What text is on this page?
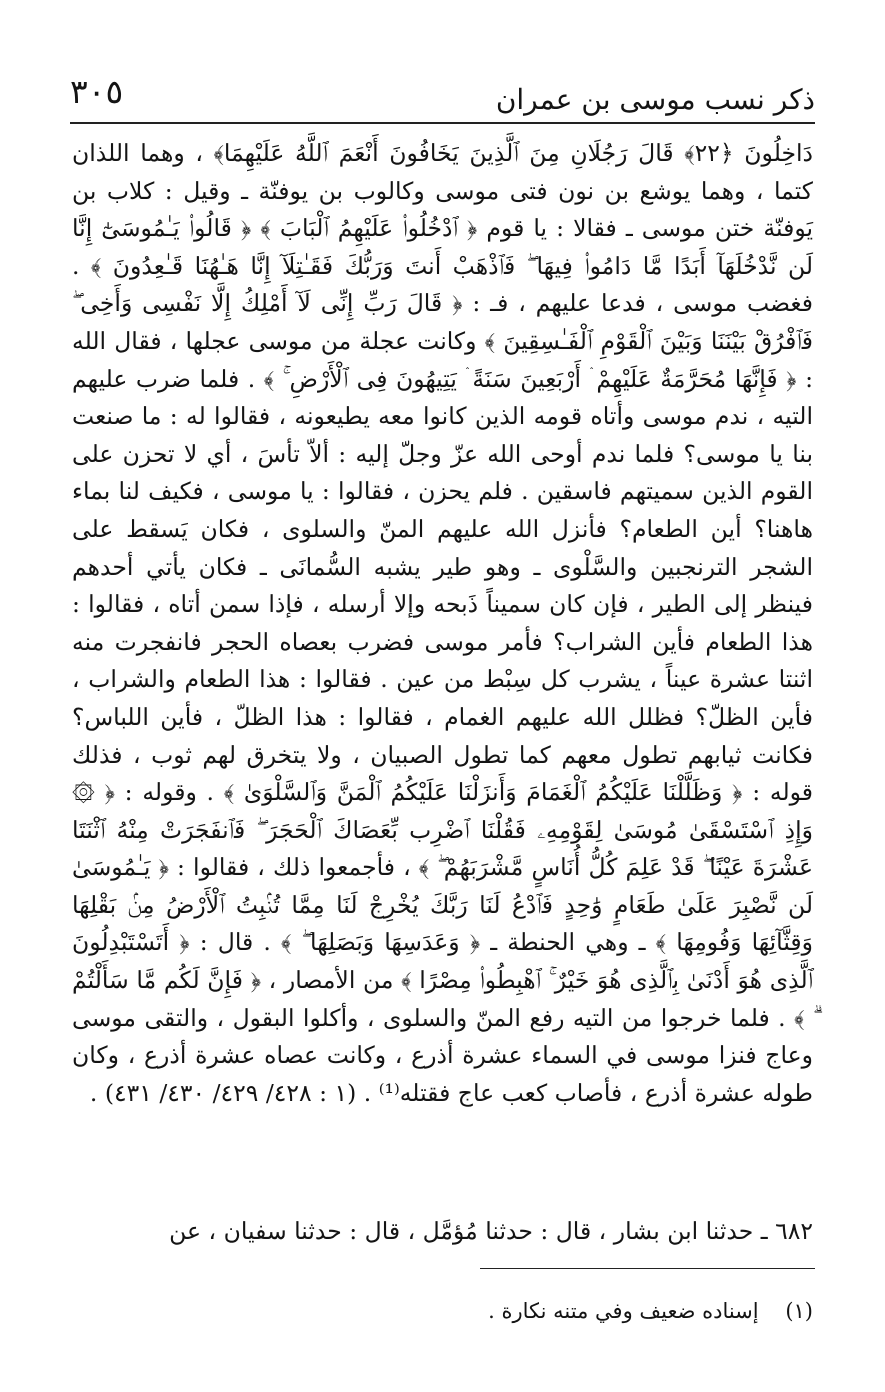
٣٠٥	ذكر نسب موسى بن عمران

دَاخِلُونَ ﴿٢٢﴾ قَالَ رَجُلَانِ مِنَ ٱلَّذِينَ يَخَافُونَ أَنْعَمَ ٱللَّهُ عَلَيْهِمَا﴾ ، وهما اللذان كتما ، وهما يوشع بن نون فتى موسى وكالوب بن يوفنّة ـ وقيل : كلاب بن يَوفنّة ختن موسى ـ فقالا : يا قوم ﴿ ٱدْخُلُوا۟ عَلَيْهِمُ ٱلْبَابَ ﴾ ﴿ قَالُوا۟ يَـٰمُوسَىٰٓ إِنَّا لَن نَّدْخُلَهَآ أَبَدًا مَّا دَامُوا۟ فِيهَا ۖ فَٱذْهَبْ أَنتَ وَرَبُّكَ فَقَـٰتِلَآ إِنَّا هَـٰهُنَا قَـٰعِدُونَ ﴾ . فغضب موسى ، فدعا عليهم ، فـ : ﴿ قَالَ رَبِّ إِنِّى لَآ أَمْلِكُ إِلَّا نَفْسِى وَأَخِى ۖ فَٱفْرُقْ بَيْنَنَا وَبَيْنَ ٱلْقَوْمِ ٱلْفَـٰسِقِينَ ﴾ وكانت عجلة من موسى عجلها ، فقال الله : ﴿ فَإِنَّهَا مُحَرَّمَةٌ عَلَيْهِمْ ۛ أَرْبَعِينَ سَنَةً ۛ يَتِيهُونَ فِى ٱلْأَرْضِ ۚ ﴾ . فلما ضرب عليهم التيه ، ندم موسى وأتاه قومه الذين كانوا معه يطيعونه ، فقالوا له : ما صنعت بنا يا موسى؟ فلما ندم أوحى الله عزّ وجلّ إليه : ألاّ تأسَ ، أي لا تحزن على القوم الذين سميتهم فاسقين . فلم يحزن ، فقالوا : يا موسى ، فكيف لنا بماء هاهنا؟ أين الطعام؟ فأنزل الله عليهم المنّ والسلوى ، فكان يَسقط على الشجر الترنجبين والسَّلْوى ـ وهو طير يشبه السُّمانَى ـ فكان يأتي أحدهم فينظر إلى الطير ، فإن كان سميناً ذَبحه وإلا أرسله ، فإذا سمن أتاه ، فقالوا : هذا الطعام فأين الشراب؟ فأمر موسى فضرب بعصاه الحجر فانفجرت منه اثنتا عشرة عيناً ، يشرب كل سِبْط من عين . فقالوا : هذا الطعام والشراب ، فأين الظلّ؟ فظلل الله عليهم الغمام ، فقالوا : هذا الظلّ ، فأين اللباس؟ فكانت ثيابهم تطول معهم كما تطول الصبيان ، ولا يتخرق لهم ثوب ، فذلك قوله : ﴿ وَظَلَّلْنَا عَلَيْكُمُ ٱلْغَمَامَ وَأَنزَلْنَا عَلَيْكُمُ ٱلْمَنَّ وَٱلسَّلْوَىٰ ﴾ . وقوله : ﴿ ۞ وَإِذِ ٱسْتَسْقَىٰ مُوسَىٰ لِقَوْمِهِۦ فَقُلْنَا ٱضْرِب بِّعَصَاكَ ٱلْحَجَرَ ۖ فَٱنفَجَرَتْ مِنْهُ ٱثْنَتَا عَشْرَةَ عَيْنًا ۖ قَدْ عَلِمَ كُلُّ أُنَاسٍ مَّشْرَبَهُمْ ۖ ﴾ ، فأجمعوا ذلك ، فقالوا : ﴿ يَـٰمُوسَىٰ لَن نَّصْبِرَ عَلَىٰ طَعَامٍ وَٰحِدٍ فَٱدْعُ لَنَا رَبَّكَ يُخْرِجْ لَنَا مِمَّا تُنۢبِتُ ٱلْأَرْضُ مِنۢ بَقْلِهَا وَقِثَّآئِهَا وَفُومِهَا ﴾ ـ وهي الحنطة ـ ﴿ وَعَدَسِهَا وَبَصَلِهَا ۖ ﴾ . قال : ﴿ أَتَسْتَبْدِلُونَ ٱلَّذِى هُوَ أَدْنَىٰ بِٱلَّذِى هُوَ خَيْرٌ ۚ ٱهْبِطُوا۟ مِصْرًا ﴾ من الأمصار ، ﴿ فَإِنَّ لَكُم مَّا سَأَلْتُمْ ۗ ﴾ . فلما خرجوا من التيه رفع المنّ والسلوى ، وأكلوا البقول ، والتقى موسى وعاج فنزا موسى في السماء عشرة أذرع ، وكانت عصاه عشرة أذرع ، وكان طوله عشرة أذرع ، فأصاب كعب عاج فقتله⁽¹⁾ . (١ : ٤٢٨/ ٤٢٩/ ٤٣٠/ ٤٣١) .

٦٨٢ ـ حدثنا ابن بشار ، قال : حدثنا مُؤمَّل ، قال : حدثنا سفيان ، عن

(١) إسناده ضعيف وفي متنه نكارة .
